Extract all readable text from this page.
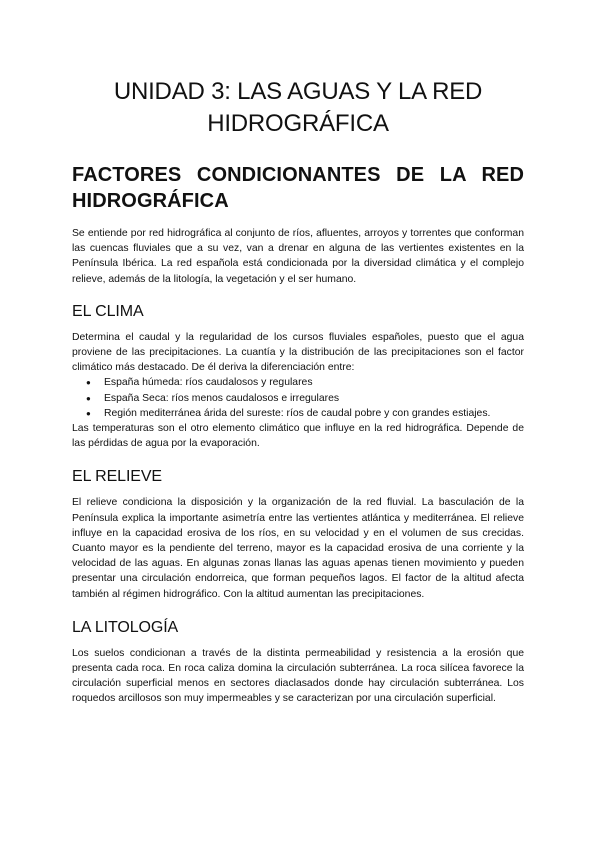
UNIDAD 3: LAS AGUAS Y LA RED HIDROGRÁFICA
FACTORES CONDICIONANTES DE LA RED
HIDROGRÁFICA

Se entiende por red hidrográfica al conjunto de ríos, afluentes, arroyos y torrentes que conforman las cuencas fluviales que a su vez, van a drenar en alguna de las vertientes existentes en la Península Ibérica. La red española está condicionada por la diversidad climática y el complejo relieve, además de la litología, la vegetación y el ser humano.

EL CLIMA

Determina el caudal y la regularidad de los cursos fluviales españoles, puesto que el agua proviene de las precipitaciones. La cuantía y la distribución de las precipitaciones son el factor climático más destacado. De él deriva la diferenciación entre:

● España húmeda: ríos caudalosos y regulares
● España Seca: ríos menos caudalosos e irregulares
● Región mediterránea árida del sureste: ríos de caudal pobre y con grandes estiajes.

Las temperaturas son el otro elemento climático que influye en la red hidrográfica. Depende de las pérdidas de agua por la evaporación.

EL RELIEVE

El relieve condiciona la disposición y la organización de la red fluvial. La basculación de la Península explica la importante asimetría entre las vertientes atlántica y mediterránea. El relieve influye en la capacidad erosiva de los ríos, en su velocidad y en el volumen de sus crecidas. Cuanto mayor es la pendiente del terreno, mayor es la capacidad erosiva de una corriente y la velocidad de las aguas. En algunas zonas llanas las aguas apenas tienen movimiento y pueden presentar una circulación endorreica, que forman pequeños lagos. El factor de la altitud afecta también al régimen hidrográfico. Con la altitud aumentan las precipitaciones.

LA LITOLOGÍA

Los suelos condicionan a través de la distinta permeabilidad y resistencia a la erosión que presenta cada roca. En roca caliza domina la circulación subterránea. La roca silícea favorece la circulación superficial menos en sectores diaclasados donde hay circulación subterránea. Los roquedos arcillosos son muy impermeables y se caracterizan por una circulación superficial.
